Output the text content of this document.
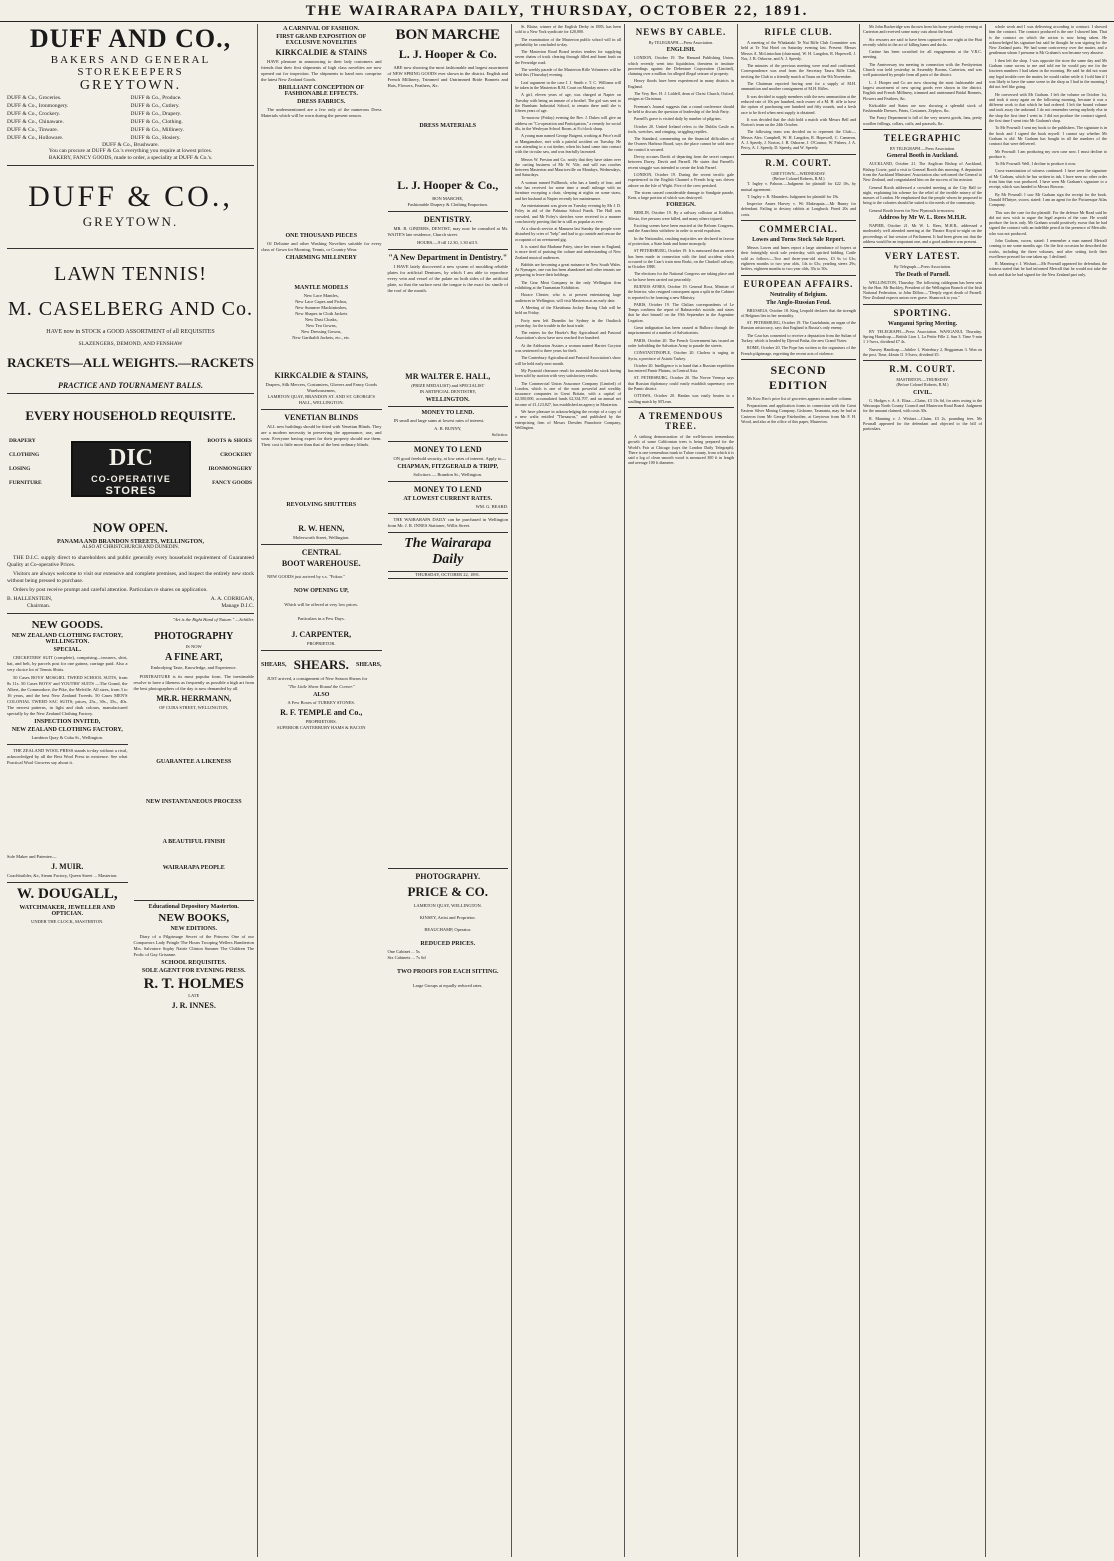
THE WAIRARAPA DAILY, THURSDAY, OCTOBER 22, 1891.
DUFF AND CO.,
BAKERS AND GENERAL STOREKEEPERS
GREYTOWN.
DUFF & Co., Groceries.
DUFF & Co., Ironmongery.
DUFF & Co., Crockery.
DUFF & Co., Chinaware.
DUFF & Co., Tinware.
DUFF & Co., Holloware.
DUFF & Co., Produce.
DUFF & Co., Cutlery.
DUFF & Co., Drapery.
DUFF & Co., Clothing.
DUFF & Co., Millinery.
DUFF & Co., Hosiery.
DUFF & Co., Brushware.
You can procure at DUFF & Co.'s everything you require at lowest prices.
BAKERY, FANCY GOODS, made to order, a speciality at DUFF & Co.'s.
DUFF & CO.,
GREYTOWN.
LAWN TENNIS!
M. CASELBERG AND Co.
HAVE now in STOCK a GOOD ASSORTMENT of all REQUISITES
SLAZENGERS, DEMOND, AND FENSHAW
RACKETS—ALL WEIGHTS.—RACKETS
PRACTICE AND TOURNAMENT BALLS.
EVERY HOUSEHOLD REQUISITE.
DRAPERY
CLOTHING
LOSING
FURNITURE
DIC
CO-OPERATIVE
STORES
BOOTS & SHOES
CROCKERY
IRONMONGERY
FANCY GOODS
NOW OPEN.
PANAMA AND BRANDON STREETS, WELLINGTON,
ALSO AT CHRISTCHURCH AND DUNEDIN.
THE D.I.C. supply direct to shareholders and public generally every household requirement of Guaranteed Quality at Co-operative Prices.
Visitors are always welcome to visit our extensive and complete premises, and inspect the entirely new stock without being pressed to purchase.
Orders by post receive prompt and careful attention. Particulars re shares on application.
B. HALLENSTEIN,
Chairman.
A. A. CORRIGAN,
Manage D.I.C.
NEW GOODS.
NEW ZEALAND CLOTHING FACTORY, WELLINGTON.
SPECIAL.
CRICKETERS' SUIT (complete), comprising—trousers, shirt, hat, and belt, by parcels post for one guinea, carriage paid. Also a very choice lot of Tennis Shirts.
50 Cases BOYS' MOSGIEL TWEED SCHOOL SUITS, from 8s 11s. 50 Cases BOYS' and YOUTHS' SUITS —The Grand, the Albert, the Commodore, the Pike, the Melville. All sizes, from 3 to 16 years, and the best New Zealand Tweeds. 50 Cases MEN'S COLONIAL TWEED SAC SUITS; prices, 25s., 30s., 35s., 40s. The newest patterns, in light and dark colours, manufactured specially by the New Zealand Clothing Factory.
INSPECTION INVITED,
NEW ZEALAND CLOTHING FACTORY,
Lambton Quay & Cuba St., Wellington.
THE ZEALAND WOOL PRESS stands to-day without a rival, acknowledged by all the Best Wool Press in existence. See what Practical Wool Growers say about it.
Sole Maker and Patentee—
J. MUIR.
Coachbuilder, &c, Steam Factory, Queen Street ... Masterton.
W. DOUGALL,
WATCHMAKER, JEWELLER AND OPTICIAN.
UNDER THE CLOCK, MASTERTON.
"Art is the Right Hand of Nature." —Schiller.
PHOTOGRAPHY
IS NOW
A FINE ART,
Embodying Taste, Knowledge, and Experience.
PORTRAITURE is its most popular form. The inestimable resolve to have a likeness as frequently as possible a high art from the best photographers of the day is now demanded by all.
MR.R. HERRMANN,
OF CUBA STREET, WELLINGTON,
GUARANTEE A LIKENESS
NEW INSTANTANEOUS PROCESS
A BEAUTIFUL FINISH
WAIRARAPA PEOPLE
Educational Depository Masterton.
NEW BOOKS,
NEW EDITIONS.
Diary of a Pilgrimage Secret of the Princess One of our Conquerors Lady Pringle The Hours Trooping Wellers Bamberton Mrs. Salvatore Sophy Nairie Clinton Sumner The Children The Frolic of Gay Grisanne.
SCHOOL REQUISITES.
SOLE AGENT FOR EVENING PRESS.
R. T. HOLMES
LATE
J. R. INNES.
A CARNIVAL OF FASHION.
FIRST GRAND EXPOSITION OF EXCLUSIVE NOVELTIES
KIRKCALDIE & STAINS
HAVE pleasure in announcing to their lady customers and friends that their first shipments of high class novelties are now opened out for inspection. The shipments to hand now comprise the latest New Zealand Goods.
BRILLIANT CONCEPTION OF FASHIONABLE EFFECTS.
DRESS FABRICS.
The undermentioned are a few only of the numerous Dress Materials which will be worn during the present season.
ONE THOUSAND PIECES
Of Deliaine and other Washing Novelties suitable for every class of Gown for Morning, Tennis, or Country Wear.
CHARMING MILLINERY
MANTLE MODELS
New Lace Mantles,
New Lace Capes and Fichus,
New Summer Mackintoshes,
New Shapes in Cloth Jackets
New Dust Cloaks,
New Tea Gowns,
New Dressing Gowns,
New Garibaldi Jackets, etc., etc.
KIRKCALDIE & STAINS,
Drapers, Silk Mercers, Costumiers, Glovers and Fancy Goods Warehousemen,
LAMBTON QUAY, BRANDON ST. AND ST. GEORGE'S HALL, WELLINGTON.
VENETIAN BLINDS
ALL new buildings should be fitted with Venetian Blinds. They are a modern necessity in preserving the appearance, use, and wear. Everyone having expert for their property should use them. Their cost is little more than that of the best ordinary blinds.
REVOLVING SHUTTERS
R. W. HENN,
Molesworth Street, Wellington.
CENTRAL
BOOT WAREHOUSE.
NEW GOODS just arrived by s.s. "Fokoo."
NOW OPENING UP,
Which will be offered at very low prices.
Particulars in a Few Days.
J. CARPENTER,
PROPRIETOR.
SHEARS, SHEARS. SHEARS,
JUST arrived, a consignment of New Season Shears for
"The Little Shear Round the Corner."
ALSO
A Few Boxes of TURKEY STONES.
R. F. TEMPLE and Co.,
PROPRIETORS.
SUPERIOR CANTERBURY HAMS & BACON
BON MARCHE
L. J. Hooper & Co.
ARE now showing the most fashionable and largest assortment of NEW SPRING GOODS ever shown in the district. English and French Millinery, Trimmed and Untrimmed Bride Bonnets and Hats, Flowers, Feathers, &c.
DRESS MATERIALS
L. J. Hooper & Co.,
BON MARCHE,
Fashionable Drapery & Clothing Emporium.
DENTISTRY.
MR. B. GINDERS, DENTIST, may now be consulted at Mr. WAITE'S late residence, Church street.
HOURS.—9 till 12.30, 1.30 till 5.
"A New Department in Dentistry."
I HAVE lately discovered a new system of moulding reliable plates for artificial Dentures, by which I am able to reproduce every vein and vessel of the palate on both sides of the artificial plate, so that the surface next the tongue is the exact fac simile of the roof of the mouth.
MR WALTER E. HALL,
(PRIZE MEDALIST) and SPECIALIST
IN ARTIFICIAL DENTISTRY,
WELLINGTON.
MONEY TO LEND.
IN small and large sums at lowest rates of interest.
A. B. BUNNY,
Solicitor.
MONEY TO LEND
ON good freehold security, at low rates of interest. Apply to—
CHAPMAN, FITZGERALD & TRIPP,
Solicitors — Brandon St., Wellington.
MONEY TO LEND
AT LOWEST CURRENT RATES.
WM. G. BEARD.
THE WAIRARAPA DAILY can be purchased in Wellington from Mr. J. R. INNES Stationer, Willis Street.
The Wairarapa Daily
THURSDAY, OCTOBER 22, 1891.
PHOTOGRAPHY.
PRICE & CO.
LAMBTON QUAY, WELLINGTON.
KINSEY, Artist and Proprietor.
BEAUCHAMP, Operator.
REDUCED PRICES.
One Cabinet ... 5s
Six Cabinets ... 7s 6d
TWO PROOFS FOR EACH SITTING.
Large Groups at equally reduced rates.
St. Blaise, winner of the English Derby in 1883, has been sold to a New York syndicate for £20,000.
The examination of the Masterton public school will in all probability be concluded to-day.
The Masterton Road Board invites tenders for supplying seven chains of track clearing through filled and burnt bush on the Fernridge road.
The weekly parade of the Masterton Rifle Volunteers will be held this (Thursday) evening.
Leaf argument in the case J. J. Smith v. T. C. Williams will be taken in the Masterton R.M. Court on Monday next.
A girl, eleven years of age, was charged at Napier on Tuesday with being an inmate of a brothel. The girl was sent to the Burnham Industrial School, to remain there until she is fifteen years of age.
To-morrow (Friday) evening the Rev. J. Dukes will give an address on "Co-operation and Participation," a remedy for social ills, in the Wesleyan School Room, at 8 o'clock sharp.
A young man named George Baigent, working at Price's mill at Mangamahoe, met with a painful accident on Tuesday. He was attending to a cut timber, when his hand came into contact with the circular saw, and was fearfully lacerated.
Messrs W. Preston and Co. notify that they have taken over the carting business of Mr W. Vile, and will run coaches between Masterton and Mauriceville on Mondays, Wednesdays, and Saturdays.
A woman named Fullbrook, who has a family of four, and who has received for some time a small mileage with no furniture excepting a chair, sleeping at nights on some straw, and her husband at Napier recently her maintenance.
An entertainment was given on Tuesday evening by Mr J. D. Foley in aid of the Pahiatua School Funds. The Hall was crowded, and Mr Foley's sketches were received in a manner conclusively proving that he is still as popular as ever.
At a church service at Manurea last Sunday the people were disturbed by cries of "help" and had to go outside and rescue the occupants of an overturned gig.
It is stated that Madame Patey, since her return to England, is more tired of praising the culture and understanding of New Zealand musical audiences.
Babbits are becoming a great nuisance in New South Wales. At Nymagee, one run has been abandoned and other tenants are preparing to leave their holdings.
The Gear Meat Company in the only Wellington firm exhibiting at the Tasmanian Exhibition.
Horace Chester, who is at present entertaining large audiences in Wellington, will visit Masterton at an early date.
A Meeting of the Eketahuna Jockey Racing Club will be held on Friday.
Forty men left Dunedin for Sydney in the Oualtock yesterday, for the trouble in the boat trade.
The entries for the Hawke's Bay Agricultural and Pastoral Association's show have now reached five hundred.
At the Ashburton Assizes a woman named Harriet Coryton was sentenced to three years for theft.
The Canterbury Agricultural and Pastoral Association's show will be held early next month.
My Pyramid clearance result for assembled the stock having been sold by auction with very satisfactory results.
The Commercial Union Assurance Company (Limited) of London, which is one of the most powerful and wealthy insurance companies in Great Britain, with a capital of £2,500,000, accumulated funds £2,334,707, and an annual net income of £1,123,827, has established an agency in Masterton.
We have pleasure in acknowledging the receipt of a copy of a new waltz entitled "Thesaurus," and published by the enterprising firm of Messrs Dresden Pianoforte Company, Wellington.
NEWS BY CABLE.
By TELEGRAPH.—Press Association.
ENGLISH.
LONDON, October 19. The Hansard Publishing Union, which recently went into liquidation, threatens to institute proceedings against the Debenture Corporation (Limited), claiming over a million for alleged illegal seizure of property.
Heavy floods have been experienced in many districts in England.
The Very Rev. H. J. Liddell, dean of Christ Church, Oxford, resigns at Christmas.
Freeman's Journal suggests that a round conference should be held to discuss the question of leadership of the Irish Party.
Parnell's grave is visited daily by number of pilgrims.
October 20. United Ireland refers to the Dublin Castle as fools, wretches, and cringing, wriggling reptiles.
The Standard, commenting on the financial difficulties of the Owners Harbour Board, says the place cannot be sold since the control is secured.
Devoy accuses Davitt of departing from the secret compact between Davey, Davitt and Parnell. He states that Parnell's recent struggle was intended to create the Irish Parnel.
LONDON, October 19. During the recent terrific gale experienced in the English Channel a French brig was driven ashore on the Isle of Wight. Five of the crew perished.
The storm caused considerable damage to Sandgate parade, Kent, a large portion of which was destroyed.
FOREIGN.
BERLIN, October 19. By a railway collision at Kohlfurt, Silesia, five persons were killed, and many others injured.
Exciting scenes have been enacted at the Reform Congress, and the Anarchists withdrew in order to avoid expulsion.
In the Nationalist, crushing majorities are declared in favour of protection, a State bank and home monopoly.
ST PETERSBURG, October 19. It is rumoured that an arrest has been made in connection with the fatal accident which occurred to the Czar's train near Borki, on the Charkoff railway, in October 1888.
The elections for the National Congress are taking place and so far have been carried out peaceably.
BUENOS AYRES, October 19. General Roca, Minister of the Interior, who resigned consequent upon a split in the Cabinet is reported to be forming a new Ministry.
PARIS, October 19. The Chilian correspondents of Le Temps confirms the report of Balmaceda's suicide, and states that he shot himself on the 19th September in the Argentine Legation.
Great indignation has been caused at Bulboro through the imprisonment of a number of Salvationists.
PARIS, October 20. The French Government has issued an order forbidding the Salvation Army to parade the streets.
CONSTANTINOPLE, October 20. Cholera is raging in Syria, a province of Asiatic Turkey.
October 20. Intelligence is to hand that a Russian expedition has entered Pamir Plateau, in Central Asia.
ST. PETERSBURG, October 20. The Novoe Vremya says that Russian diplomacy could easily establish supremacy over the Pamir district.
OTTAWA, October 20. Hanlan was easily beaten in a sculling match by M'Lean.
A TREMENDOUS TREE.
A striking demonstration of the well-known tremendous growth of some Californian trees is being prepared for the World's Fair at Chicago (says the London Daily Telegraph). There is one tremendous trunk in Tulare county, from which it is said a log of clean smooth wood is measured 300 ft in length and average 100 ft diameter.
RIFLE CLUB.
A meeting of the Whakataki Te Nui Rifle Club Committee was held at Te Nui Hotel on Saturday evening last. Present: Messrs Messrs A. McLintochan (chairman), W. H. Langdon, R. Hopewell, J. Nor, J. B. Osborne, and A. J. Speedy.
The minutes of the previous meeting were read and confirmed. Correspondence was read from the Secretary Tauru Rifle Club, inviting the Club to a friendly match at Tauru on the 9th November.
The Chairman reported having sent for a supply of M.H. ammunition and another consignment of M.H. Rifles.
It was decided to supply members with the new ammunition at the reduced rate of 10s per hundred, each owner of a M. H. rifle to have the option of purchasing one hundred and fifty rounds, and a fresh race to be fired when next supply is obtained.
It was decided that the club hold a match with Messrs Bell and Norton's team on the 24th October.
The following team was decided on to represent the Club:— Messrs Alex. Campbell, W. H. Langdon, R. Hopewell, C. Cameron, A. J. Speedy, J. Norton, J. B. Osborne, J. O'Connor, W. Fishers, J. A. Percy, A. J. Speedy, D. Speedy, and W. Speedy.
R.M. COURT.
GREYTOWN.—WEDNESDAY.
(Before Colonel Roberts, R.M.)
T. Ingley v. Pahoon.—Judgment for plaintiff for £22 10s, by mutual agreement.
T. Ingley v. R. Maunders. Judgment for plaintiff for 18s.
Inspector Annes Harvey v. Wi Makeupaia.—Mr Bunny for defendant. Failing to destroy rabbits at Longbush. Fined 20s and costs.
COMMERCIAL.
Lowes and Torns Stock Sale Report.
Messrs Lowes and Innes report a large attendance of buyers at their fortnightly stock sale yesterday, with spirited bidding. Cattle sold as follows:—Two and three-year-old steers, £3 6s to £3s; eighteen months to two year olds, 14s to £3s; yearling steers 29s; heifers, eighteen months to two year olds, 35s to 50s.
EUROPEAN AFFAIRS.
Neutrality of Belgium.
The Anglo-Russian Feud.
BRUSSELS, October 18. King Leopold declares that the strength of Belgium lies in her neutrality.
ST. PETERSBURG, October 19. The Grazhdanin, an organ of the Russian aristocracy, says that England is Russia's only enemy.
The Czar has consented to receive a deputation from the Sultan of Turkey, which is headed by Djevad Pasha, the new Grand Vizier.
ROME, October 20. The Pope has written to the organisers of the French pilgrimage, regretting the recent acts of violence.
SECOND EDITION
Mr Kow Reo's price list of groceries appears in another column.
Preparations and application forms in connection with the Great Eastern Silver Mining Company, Gisborne, Tasmania, may be had at Casteron from Mr George Fairbrother, at Greytown from Mr F. H. Wood, and also at the office of this paper, Masterton.
Mr John Buckeridge was thrown from his horse yesterday evening at Carterton and received some nasty cuts about the head.
Six rescuers are said to have been captured in one night at the Hutt recently whilst in the act of killing hams and ducks.
Cartine has been scratched for all engagements at the V.R.C. meeting.
The Anniversary tea meeting in connection with the Presbyterian Church was held yesterday in Assembly Rooms, Carterton, and was well patronised by people from all parts of the district.
L. J. Hooper and Co are now showing the most fashionable and largest assortment of new spring goods ever shown in the district. English and French Millinery, trimmed and untrimmed Bridal Bonnets, Flowers and Feathers, &c.
Kirkcaldie and Stains are now showing a splendid stock of Fashionable Dresses, Prints, Costumes, Zephyrs, &c.
The Fancy Department is full of the very newest goods, fans, pretty woollen frillings, collars, cuffs, and parasols, &c.
TELEGRAPHIC
BY TELEGRAPH.—Press Association.
General Booth in Auckland.
AUCKLAND, October 21. The Anglican Bishop of Auckland, Bishop Cowie, paid a visit to General Booth this morning. A deputation from the Auckland Ministers' Association also welcomed the General to New Zealand, and congratulated him on the success of his mission.
General Booth addressed a crowded meeting at the City Hall to-night, explaining his scheme for the relief of the terrible misery of the masses of London. He emphasised that the people whom he proposed to bring to the colonies should be suited to the needs of the community.
General Booth leaves for New Plymouth to-morrow.
Address by Mr W. L. Rees M.H.R.
NAPIER, October 21. Mr W. L. Rees, M.H.R., addressed a moderately well attended meeting at the Theatre Royal to-night on the proceedings of last session of Parliament. It had been given out that the address would be an important one, and a good audience was present.
VERY LATEST.
By Telegraph.—Press Association.
The Death of Parnell.
WELLINGTON, Thursday. The following cablegram has been sent by the Hon. Mr Buckley, President of the Wellington Branch of the Irish National Federation, to John Dillon:—"Deeply regret death of Parnell. New Zealand expects union over grave. Shamrock to you."
SPORTING.
Wanganui Spring Meeting.
BY TELEGRAPH.—Press Association. WANGANUI, Thursday. Spring Handicap.—British Lion 1, La Petite Fille 2, Sun 3. Time 9 min 1 1-5secs, dividend £7 4s.
Nursery Handicap.—Jubilee 1, Waterbury 2, Beggarman 3. Won on the post. Time, 44min 11 3-5secs, dividend £5.
R.M. COURT.
MASTERTON.—THURSDAY.
(Before Colonel Roberts, R.M.)
CIVIL.
G. Hodges v. A. A. Eliza.—Claim, £3 13s 6d, for rates owing to the Wairarapa North County Council and Masterton Road Board. Judgment for the amount claimed, with costs 30s.
R. Manning v. J. Wishart.—Claim, £3 2s, pounding fees. Mr Pownall appeared for the defendant and objected to the bill of particulars.
whole work and I was delivering according to contract. I showed him the contract. The contract produced is the one I showed him. That is the contract on which the action is now being taken. He acknowledged his signature but said he thought he was signing for the New Zealand parts. We had some controversy over the matter, and a gentleman whom I presume is Mr Graham's son became very abusive.
I then left the shop. I was opposite the store the same day and Mr Graham came across to me and told me he would pay me for the fourteen numbers I had taken in the morning. He said he did not want any legal trouble over the matter, he would rather settle it. I told him if I was likely to have the same scene in the shop as I had in the morning I did not feel like going.
He conversed with Mr Graham. I left the volume on October 1st, and took it away again on the following morning, because it was a different work to that which he had ordered. I left the bound volume and took away the unbound. I do not remember seeing anybody else in the shop the first time I went in. I did not produce the contract signed, the first time I went into Mr Graham's shop.
To Mr Pownall: I sent my book to the publishers. The signature is in the book and I signed the book myself. I cannot say whether Mr Graham is old. Mr Graham has bought in all the numbers of the contract that were delivered.
Mr Pownall: I am producing my own case now. I must decline to produce it.
To Mr Pownall: Well, I decline to produce it now.
Cross-examination of witness continued: I have seen the signature of Mr Graham, which he has written in ink. I have seen no other order from him that was produced. I have seen Mr Graham's signature to a receipt, which was handed to Messrs Bowron.
By Mr Pownall: I saw Mr Graham sign the receipt for the book. Donald M'Intyre, sworn, stated: I am an agent for the Picturesque Atlas Company.
This was the case for the plaintiff. For the defence Mr Read said he did not now wish to argue the legal aspects of the case. He would produce the facts only. Mr Graham would positively swear that he had signed the contract with an indelible pencil in the presence of Metcalfe, who was not produced.
John Graham, sworn, stated: I remember a man named Metcalf coming to me some months ago. On the first occasion he described the works, including the three volumes, and after setting forth their excellence pressed for one taken up. I declined.
R. Manning v. J. Wishart.—Mr Pownall appeared for defendant, the witness stated that he had informed Metcalf that he would not take the book and that he had signed for the New Zealand part only.
